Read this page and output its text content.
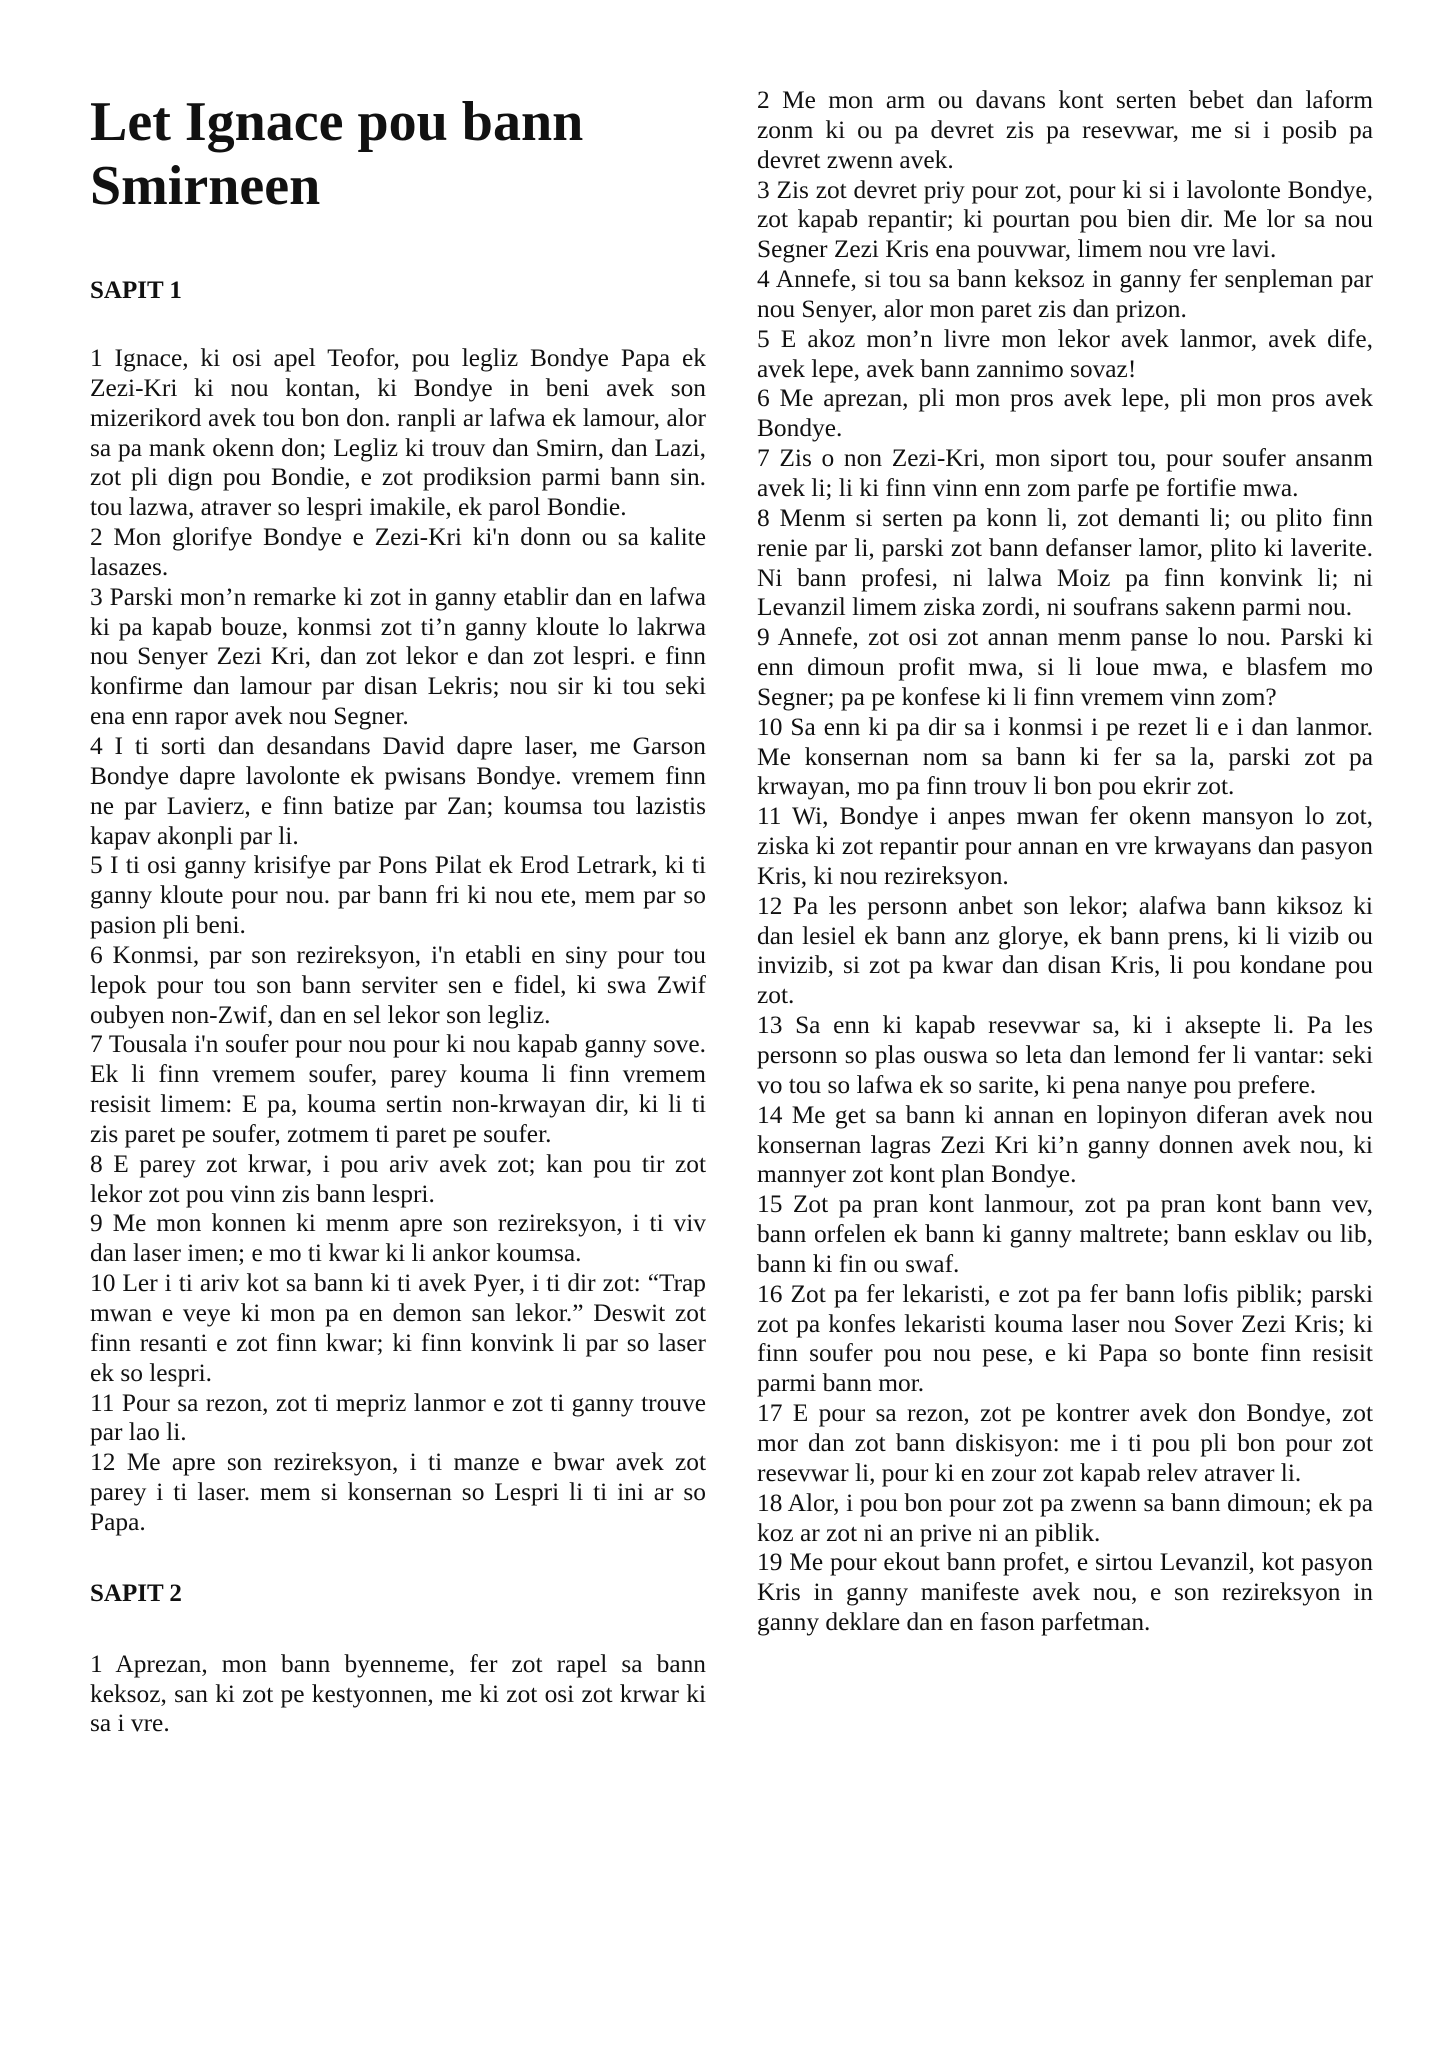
Let Ignace pou bann Smirneen
SAPIT 1

1 Ignace, ki osi apel Teofor, pou legliz Bondye Papa ek Zezi-Kri ki nou kontan, ki Bondye in beni avek son mizerikord avek tou bon don. ranpli ar lafwa ek lamour, alor sa pa mank okenn don; Legliz ki trouv dan Smirn, dan Lazi, zot pli dign pou Bondie, e zot prodiksion parmi bann sin. tou lazwa, atraver so lespri imakile, ek parol Bondie.

2 Mon glorifye Bondye e Zezi-Kri ki'n donn ou sa kalite lasazes.

3 Parski mon’n remarke ki zot in ganny etablir dan en lafwa ki pa kapab bouze, konmsi zot ti’n ganny kloute lo lakrwa nou Senyer Zezi Kri, dan zot lekor e dan zot lespri. e finn konfirme dan lamour par disan Lekris; nou sir ki tou seki ena enn rapor avek nou Segner.

4 I ti sorti dan desandans David dapre laser, me Garson Bondye dapre lavolonte ek pwisans Bondye. vremem finn ne par Lavierz, e finn batize par Zan; koumsa tou lazistis kapav akonpli par li.

5 I ti osi ganny krisifye par Pons Pilat ek Erod Letrark, ki ti ganny kloute pour nou. par bann fri ki nou ete, mem par so pasion pli beni.

6 Konmsi, par son rezireksyon, i'n etabli en siny pour tou lepok pour tou son bann serviter sen e fidel, ki swa Zwif oubyen non-Zwif, dan en sel lekor son legliz.

7 Tousala i'n soufer pour nou pour ki nou kapab ganny sove. Ek li finn vremem soufer, parey kouma li finn vremem resisit limem: E pa, kouma sertin non-krwayan dir, ki li ti zis paret pe soufer, zotmem ti paret pe soufer.

8 E parey zot krwar, i pou ariv avek zot; kan pou tir zot lekor zot pou vinn zis bann lespri.

9 Me mon konnen ki menm apre son rezireksyon, i ti viv dan laser imen; e mo ti kwar ki li ankor koumsa.

10 Ler i ti ariv kot sa bann ki ti avek Pyer, i ti dir zot: “Trap mwan e veye ki mon pa en demon san lekor.” Deswit zot finn resanti e zot finn kwar; ki finn konvink li par so laser ek so lespri.

11 Pour sa rezon, zot ti mepriz lanmor e zot ti ganny trouve par lao li.

12 Me apre son rezireksyon, i ti manze e bwar avek zot parey i ti laser. mem si konsernan so Lespri li ti ini ar so Papa.

SAPIT 2

1 Aprezan, mon bann byenneme, fer zot rapel sa bann keksoz, san ki zot pe kestyonnen, me ki zot osi zot krwar ki sa i vre.

2 Me mon arm ou davans kont serten bebet dan laform zonm ki ou pa devret zis pa resevwar, me si i posib pa devret zwenn avek.

3 Zis zot devret priy pour zot, pour ki si i lavolonte Bondye, zot kapab repantir; ki pourtan pou bien dir. Me lor sa nou Segner Zezi Kris ena pouvwar, limem nou vre lavi.

4 Annefe, si tou sa bann keksoz in ganny fer senpleman par nou Senyer, alor mon paret zis dan prizon.

5 E akoz mon’n livre mon lekor avek lanmor, avek dife, avek lepe, avek bann zannimo sovaz!

6 Me aprezan, pli mon pros avek lepe, pli mon pros avek Bondye.

7 Zis o non Zezi-Kri, mon siport tou, pour soufer ansanm avek li; li ki finn vinn enn zom parfe pe fortifie mwa.

8 Menm si serten pa konn li, zot demanti li; ou plito finn renie par li, parski zot bann defanser lamor, plito ki laverite. Ni bann profesi, ni lalwa Moiz pa finn konvink li; ni Levanzil limem ziska zordi, ni soufrans sakenn parmi nou.

9 Annefe, zot osi zot annan menm panse lo nou. Parski ki enn dimoun profit mwa, si li loue mwa, e blasfem mo Segner; pa pe konfese ki li finn vremem vinn zom?

10 Sa enn ki pa dir sa i konmsi i pe rezet li e i dan lanmor. Me konsernan nom sa bann ki fer sa la, parski zot pa krwayan, mo pa finn trouv li bon pou ekrir zot.

11 Wi, Bondye i anpes mwan fer okenn mansyon lo zot, ziska ki zot repantir pour annan en vre krwayans dan pasyon Kris, ki nou rezireksyon.

12 Pa les personn anbet son lekor; alafwa bann kiksoz ki dan lesiel ek bann anz glorye, ek bann prens, ki li vizib ou invizib, si zot pa kwar dan disan Kris, li pou kondane pou zot.

13 Sa enn ki kapab resevwar sa, ki i aksepte li. Pa les personn so plas ouswa so leta dan lemond fer li vantar: seki vo tou so lafwa ek so sarite, ki pena nanye pou prefere.

14 Me get sa bann ki annan en lopinyon diferan avek nou konsernan lagras Zezi Kri ki’n ganny donnen avek nou, ki mannyer zot kont plan Bondye.

15 Zot pa pran kont lanmour, zot pa pran kont bann vev, bann orfelen ek bann ki ganny maltrete; bann esklav ou lib, bann ki fin ou swaf.

16 Zot pa fer lekaristi, e zot pa fer bann lofis piblik; parski zot pa konfes lekaristi kouma laser nou Sover Zezi Kris; ki finn soufer pou nou pese, e ki Papa so bonte finn resisit parmi bann mor.

17 E pour sa rezon, zot pe kontrer avek don Bondye, zot mor dan zot bann diskisyon: me i ti pou pli bon pour zot resevwar li, pour ki en zour zot kapab relev atraver li.

18 Alor, i pou bon pour zot pa zwenn sa bann dimoun; ek pa koz ar zot ni an prive ni an piblik.

19 Me pour ekout bann profet, e sirtou Levanzil, kot pasyon Kris in ganny manifeste avek nou, e son rezireksyon in ganny deklare dan en fason parfetman.
